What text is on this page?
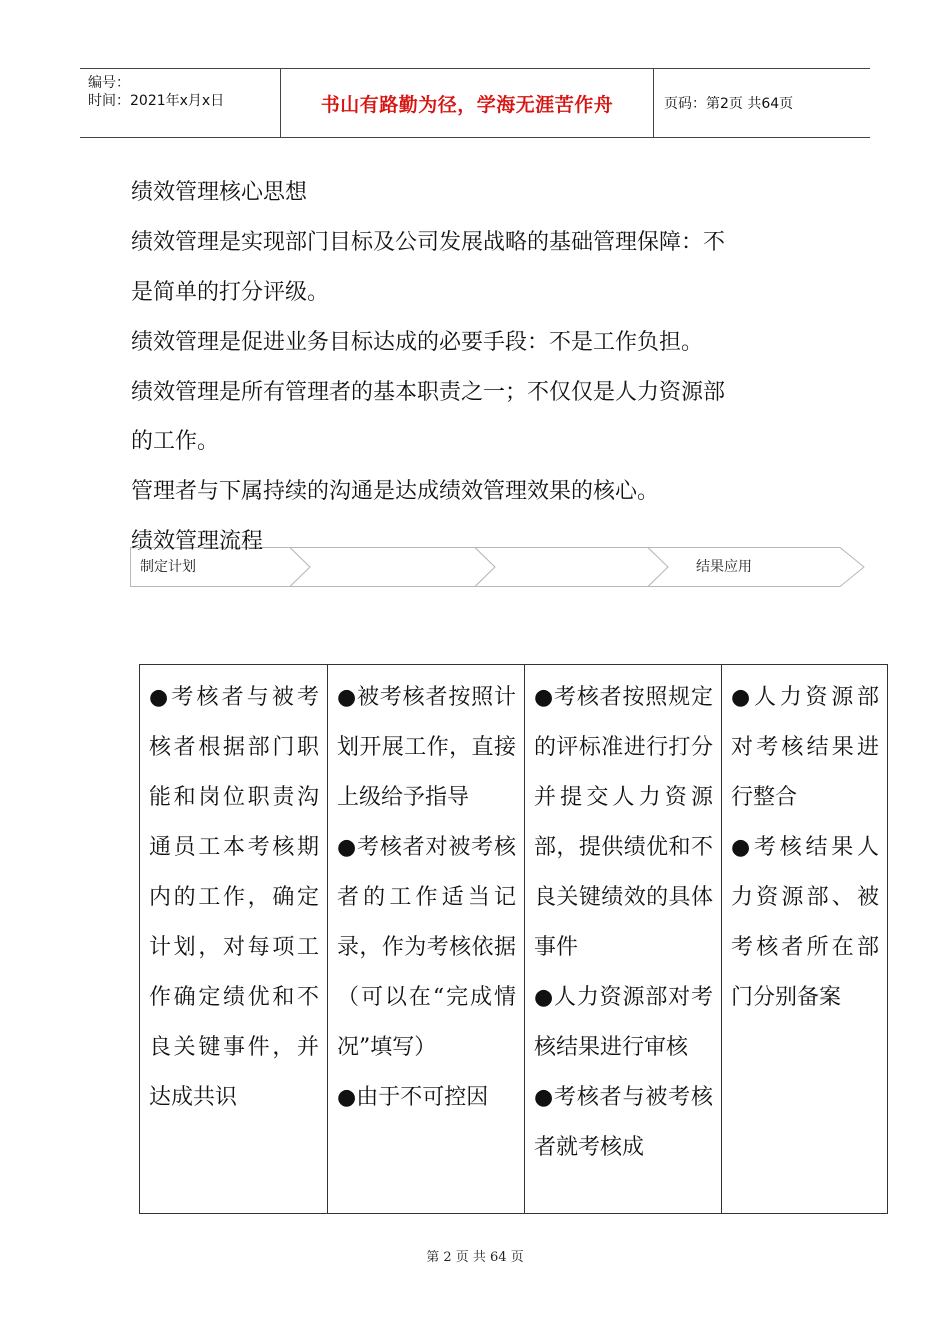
编号：
时间：2021年x月x日	书山有路勤为径，学海无涯苦作舟	页码：第2页 共64页
绩效管理核心思想
绩效管理是实现部门目标及公司发展战略的基础管理保障：不
是简单的打分评级。
绩效管理是促进业务目标达成的必要手段：不是工作负担。
绩效管理是所有管理者的基本职责之一；不仅仅是人力资源部
的工作。
管理者与下属持续的沟通是达成绩效管理效果的核心。
制定计划	结果应用
绩效管理流程
●考核者与被考核者根据部门职能和岗位职责沟通员工本考核期内的工作，确定计划，对每项工作确定绩优和不良关键事件，并达成共识

●被考核者按照计划开展工作，直接上级给予指导
●考核者对被考核者的工作适当记录，作为考核依据（可以在“完成情况”填写）
●由于不可控因

●考核者按照规定的评标准进行打分并提交人力资源部，提供绩优和不良关键绩效的具体事件
●人力资源部对考核结果进行审核
●考核者与被考核者就考核成

●人力资源部对考核结果进行整合
●考核结果人力资源部、被考核者所在部门分别备案
第 2 页 共 64 页
